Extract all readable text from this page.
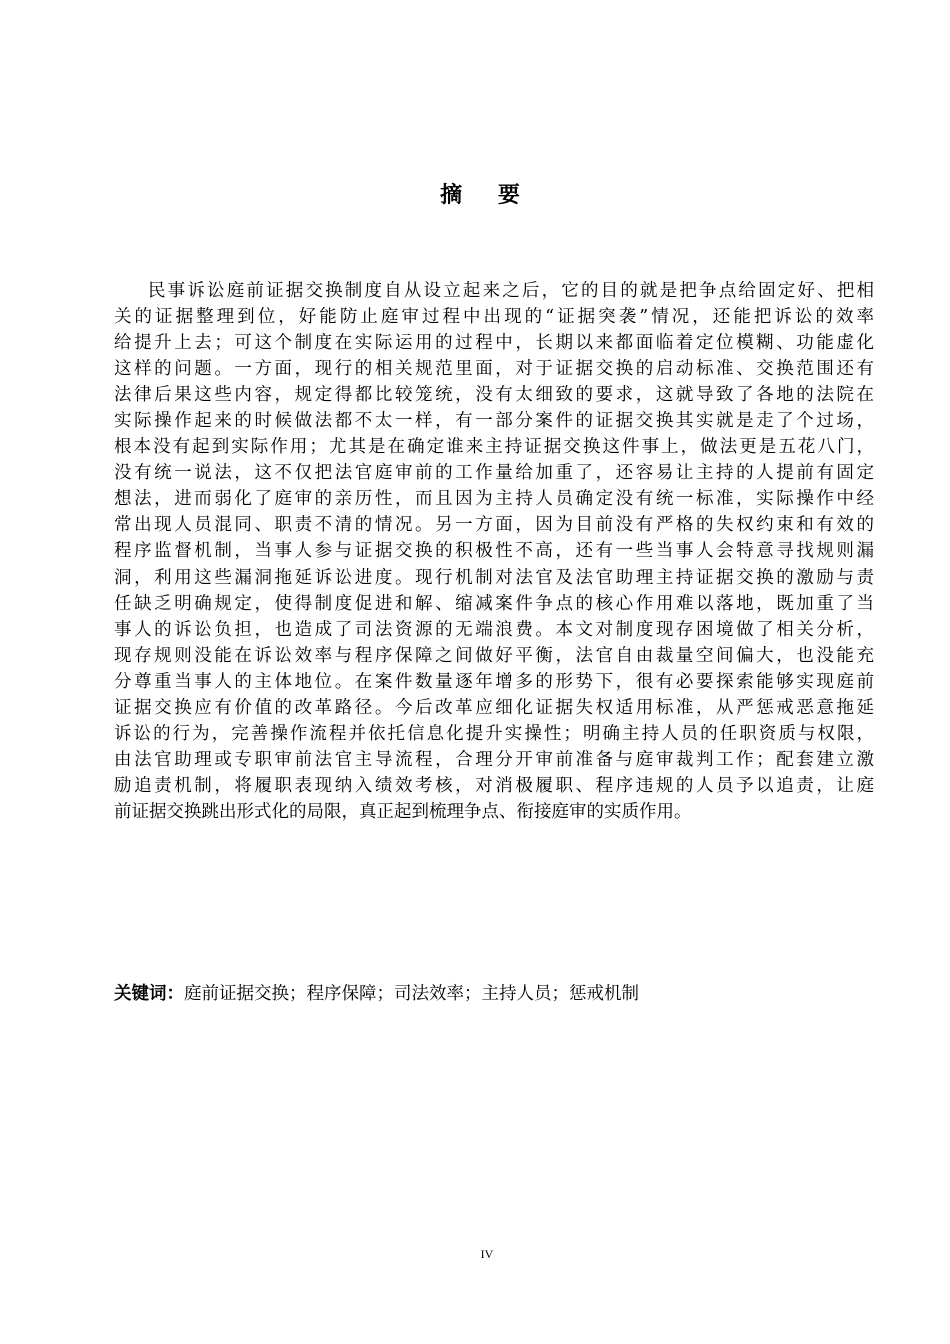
摘 要
民事诉讼庭前证据交换制度自从设立起来之后，它的目的就是把争点给固定好、把相
关的证据整理到位，好能防止庭审过程中出现的“证据突袭”情况，还能把诉讼的效率
给提升上去；可这个制度在实际运用的过程中，长期以来都面临着定位模糊、功能虚化
这样的问题。一方面，现行的相关规范里面，对于证据交换的启动标准、交换范围还有
法律后果这些内容，规定得都比较笼统，没有太细致的要求，这就导致了各地的法院在
实际操作起来的时候做法都不太一样，有一部分案件的证据交换其实就是走了个过场，
根本没有起到实际作用；尤其是在确定谁来主持证据交换这件事上，做法更是五花八门，
没有统一说法，这不仅把法官庭审前的工作量给加重了，还容易让主持的人提前有固定
想法，进而弱化了庭审的亲历性，而且因为主持人员确定没有统一标准，实际操作中经
常出现人员混同、职责不清的情况。另一方面，因为目前没有严格的失权约束和有效的
程序监督机制，当事人参与证据交换的积极性不高，还有一些当事人会特意寻找规则漏
洞，利用这些漏洞拖延诉讼进度。现行机制对法官及法官助理主持证据交换的激励与责
任缺乏明确规定，使得制度促进和解、缩减案件争点的核心作用难以落地，既加重了当
事人的诉讼负担，也造成了司法资源的无端浪费。本文对制度现存困境做了相关分析，
现存规则没能在诉讼效率与程序保障之间做好平衡，法官自由裁量空间偏大，也没能充
分尊重当事人的主体地位。在案件数量逐年增多的形势下，很有必要探索能够实现庭前
证据交换应有价值的改革路径。今后改革应细化证据失权适用标准，从严惩戒恶意拖延
诉讼的行为，完善操作流程并依托信息化提升实操性；明确主持人员的任职资质与权限，
由法官助理或专职审前法官主导流程，合理分开审前准备与庭审裁判工作；配套建立激
励追责机制，将履职表现纳入绩效考核，对消极履职、程序违规的人员予以追责，让庭
前证据交换跳出形式化的局限，真正起到梳理争点、衔接庭审的实质作用。
关键词：庭前证据交换；程序保障；司法效率；主持人员；惩戒机制
IV
